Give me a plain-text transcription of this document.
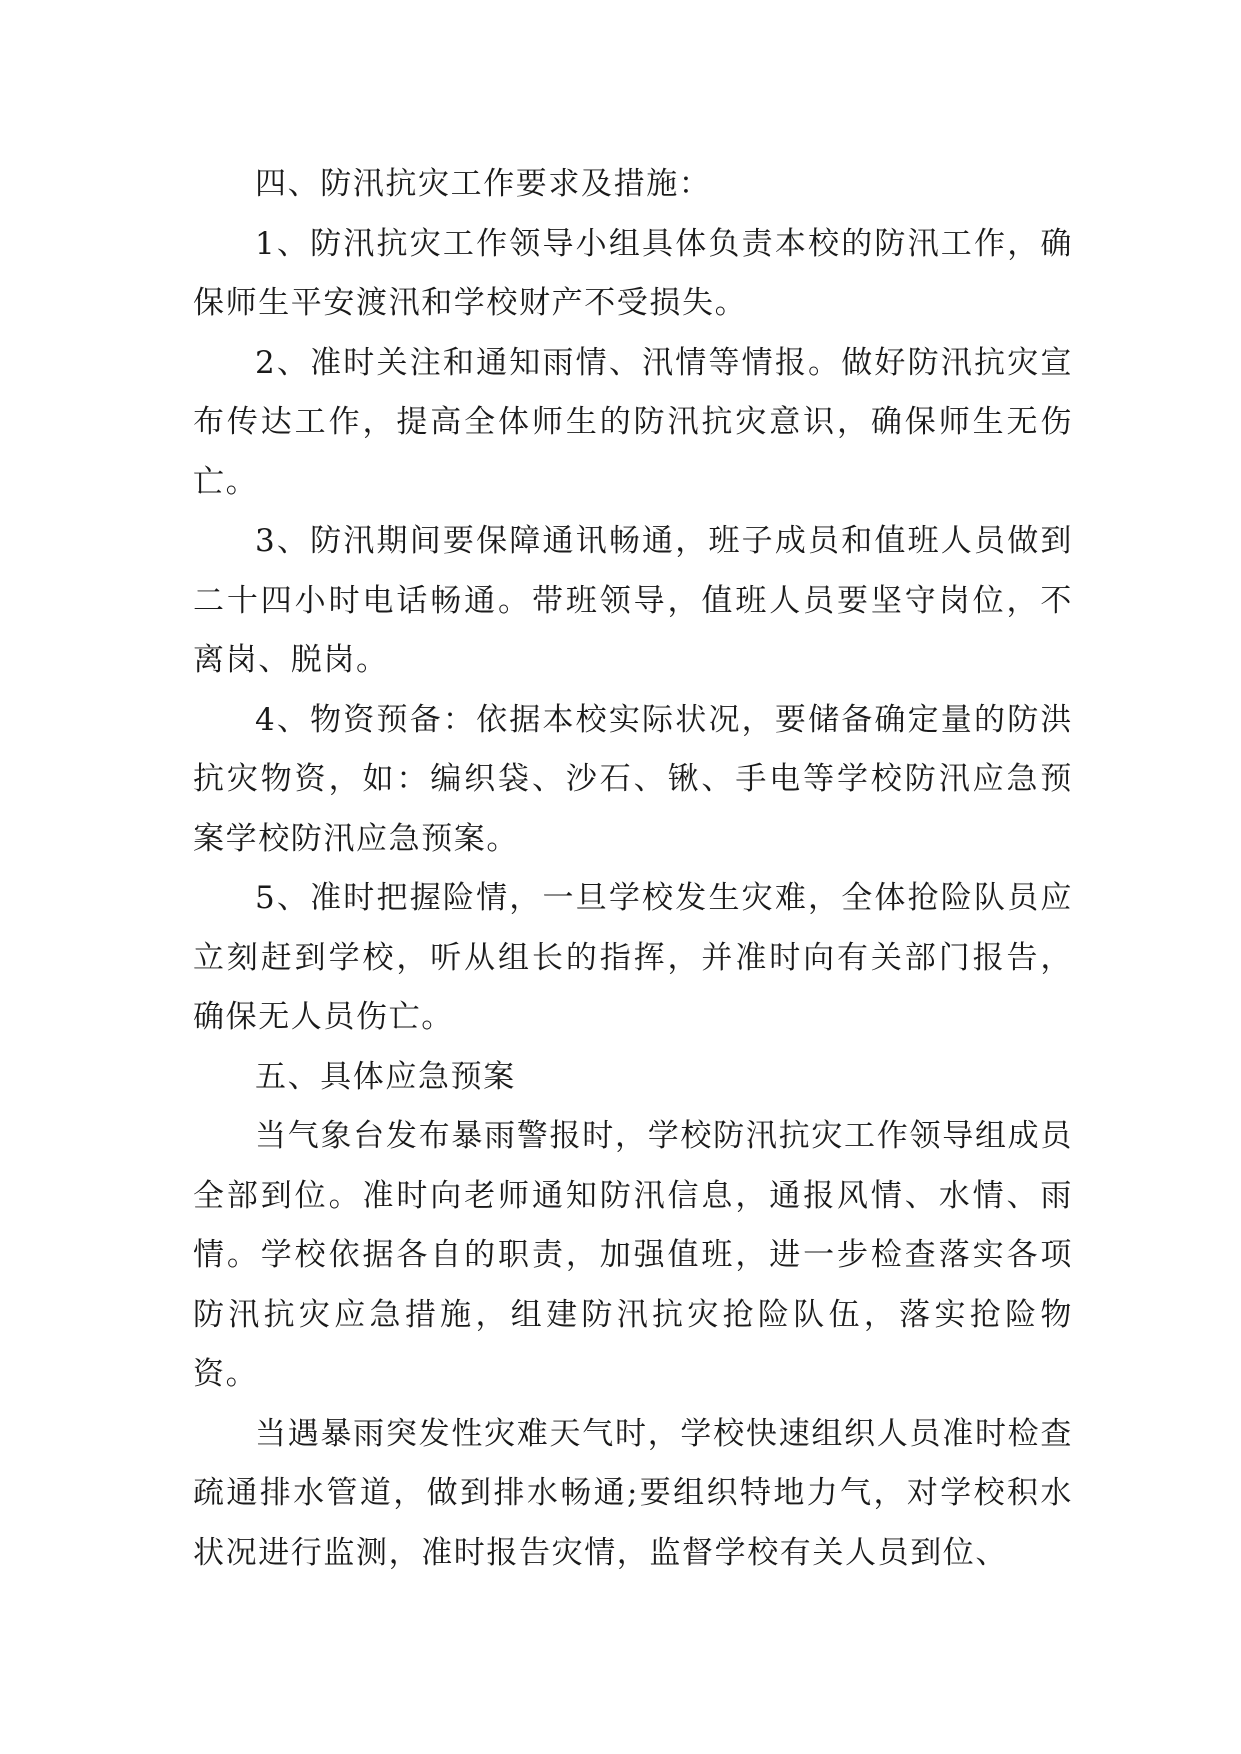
四、防汛抗灾工作要求及措施：

1、防汛抗灾工作领导小组具体负责本校的防汛工作，确保师生平安渡汛和学校财产不受损失。

2、准时关注和通知雨情、汛情等情报。做好防汛抗灾宣布传达工作，提高全体师生的防汛抗灾意识，确保师生无伤亡。

3、防汛期间要保障通讯畅通，班子成员和值班人员做到二十四小时电话畅通。带班领导，值班人员要坚守岗位，不离岗、脱岗。

4、物资预备：依据本校实际状况，要储备确定量的防洪抗灾物资，如：编织袋、沙石、锹、手电等学校防汛应急预案学校防汛应急预案。

5、准时把握险情，一旦学校发生灾难，全体抢险队员应立刻赶到学校，听从组长的指挥，并准时向有关部门报告，确保无人员伤亡。

五、具体应急预案

当气象台发布暴雨警报时，学校防汛抗灾工作领导组成员全部到位。准时向老师通知防汛信息，通报风情、水情、雨情。学校依据各自的职责，加强值班，进一步检查落实各项防汛抗灾应急措施，组建防汛抗灾抢险队伍，落实抢险物资。

当遇暴雨突发性灾难天气时，学校快速组织人员准时检查疏通排水管道，做到排水畅通;要组织特地力气，对学校积水状况进行监测，准时报告灾情，监督学校有关人员到位、
